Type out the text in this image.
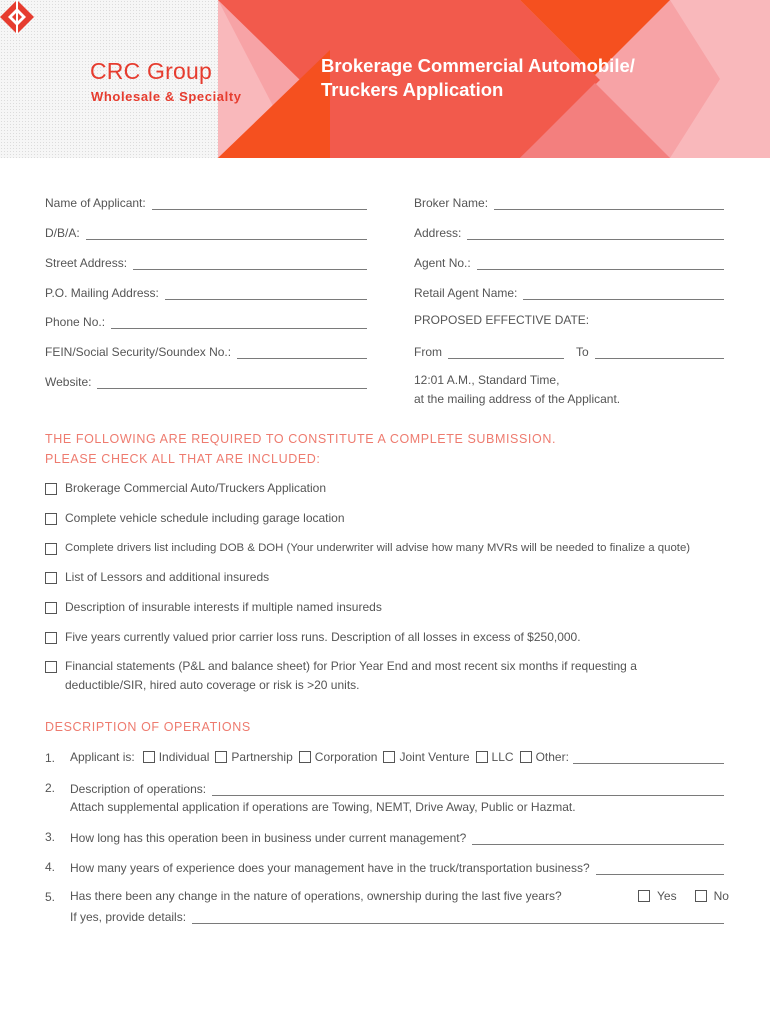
CRC Group
Wholesale & Specialty
Brokerage Commercial Automobile/
Truckers Application
Name of Applicant:
D/B/A:
Street Address:
P.O. Mailing Address:
Phone No.:
FEIN/Social Security/Soundex No.:
Website:
Broker Name:
Address:
Agent No.:
Retail Agent Name:
PROPOSED EFFECTIVE DATE:
From	To
12:01 A.M., Standard Time,
at the mailing address of the Applicant.
THE FOLLOWING ARE REQUIRED TO CONSTITUTE A COMPLETE SUBMISSION.
PLEASE CHECK ALL THAT ARE INCLUDED:
Brokerage Commercial Auto/Truckers Application
Complete vehicle schedule including garage location
Complete drivers list including DOB & DOH (Your underwriter will advise how many MVRs will be needed to finalize a quote)
List of Lessors and additional insureds
Description of insurable interests if multiple named insureds
Five years currently valued prior carrier loss runs. Description of all losses in excess of $250,000.
Financial statements (P&L and balance sheet) for Prior Year End and most recent six months if requesting a
deductible/SIR, hired auto coverage or risk is >20 units.
DESCRIPTION OF OPERATIONS
1. Applicant is: Individual Partnership Corporation Joint Venture LLC Other:
2. Description of operations:
Attach supplemental application if operations are Towing, NEMT, Drive Away, Public or Hazmat.
3. How long has this operation been in business under current management?
4. How many years of experience does your management have in the truck/transportation business?
5. Has there been any change in the nature of operations, ownership during the last five years?	Yes	No
If yes, provide details:
